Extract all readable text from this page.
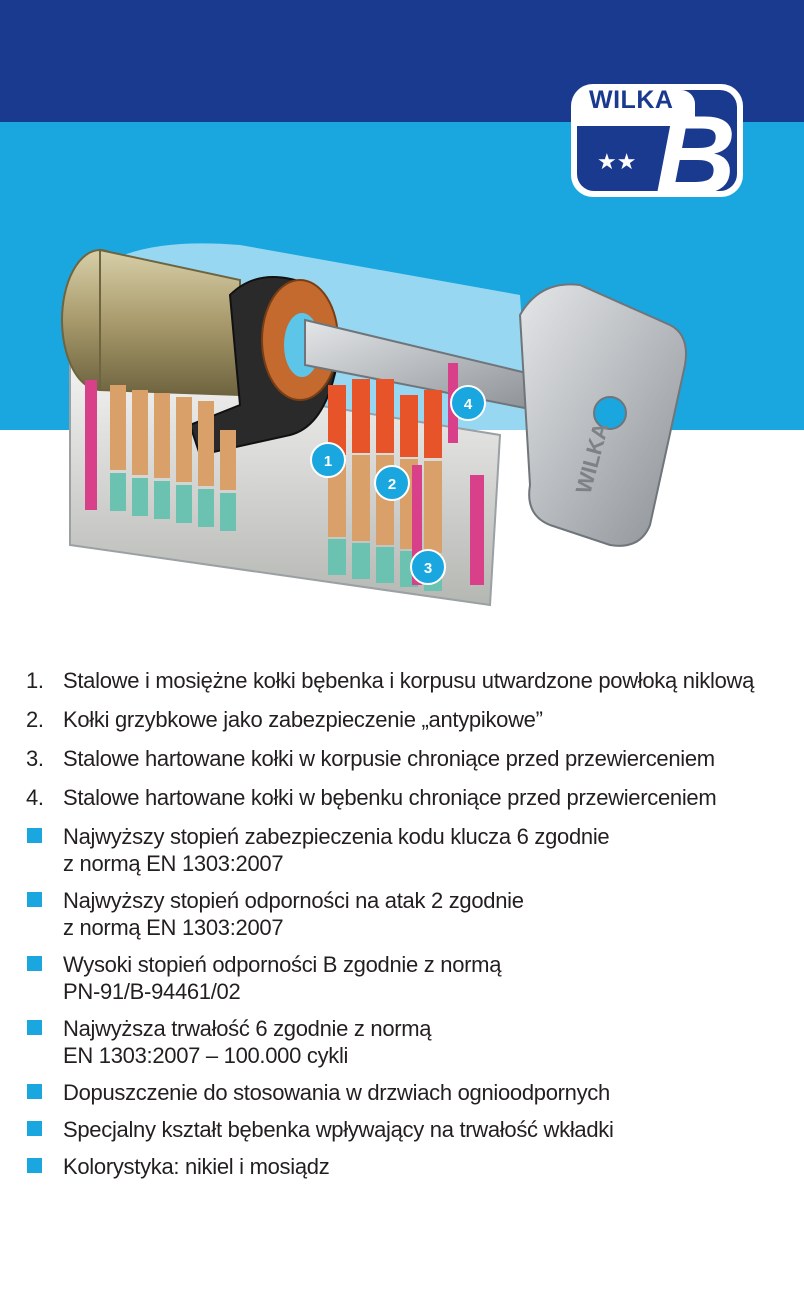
★★ B
WILKA
WILKA
1
2
3
4
1. Stalowe i mosiężne kołki bębenka i korpusu utwardzone powłoką niklową
2. Kołki grzybkowe jako zabezpieczenie „antypikowe”
3. Stalowe hartowane kołki w korpusie chroniące przed przewierceniem
4. Stalowe hartowane kołki w bębenku chroniące przed przewierceniem
Najwyższy stopień zabezpieczenia kodu klucza 6 zgodnie
z normą EN 1303:2007
Najwyższy stopień odporności na atak 2 zgodnie
z normą EN 1303:2007
Wysoki stopień odporności B zgodnie z normą
PN-91/B-94461/02
Najwyższa trwałość 6 zgodnie z normą
EN 1303:2007 – 100.000 cykli
Dopuszczenie do stosowania w drzwiach ognioodpornych
Specjalny kształt bębenka wpływający na trwałość wkładki
Kolorystyka: nikiel i mosiądz
